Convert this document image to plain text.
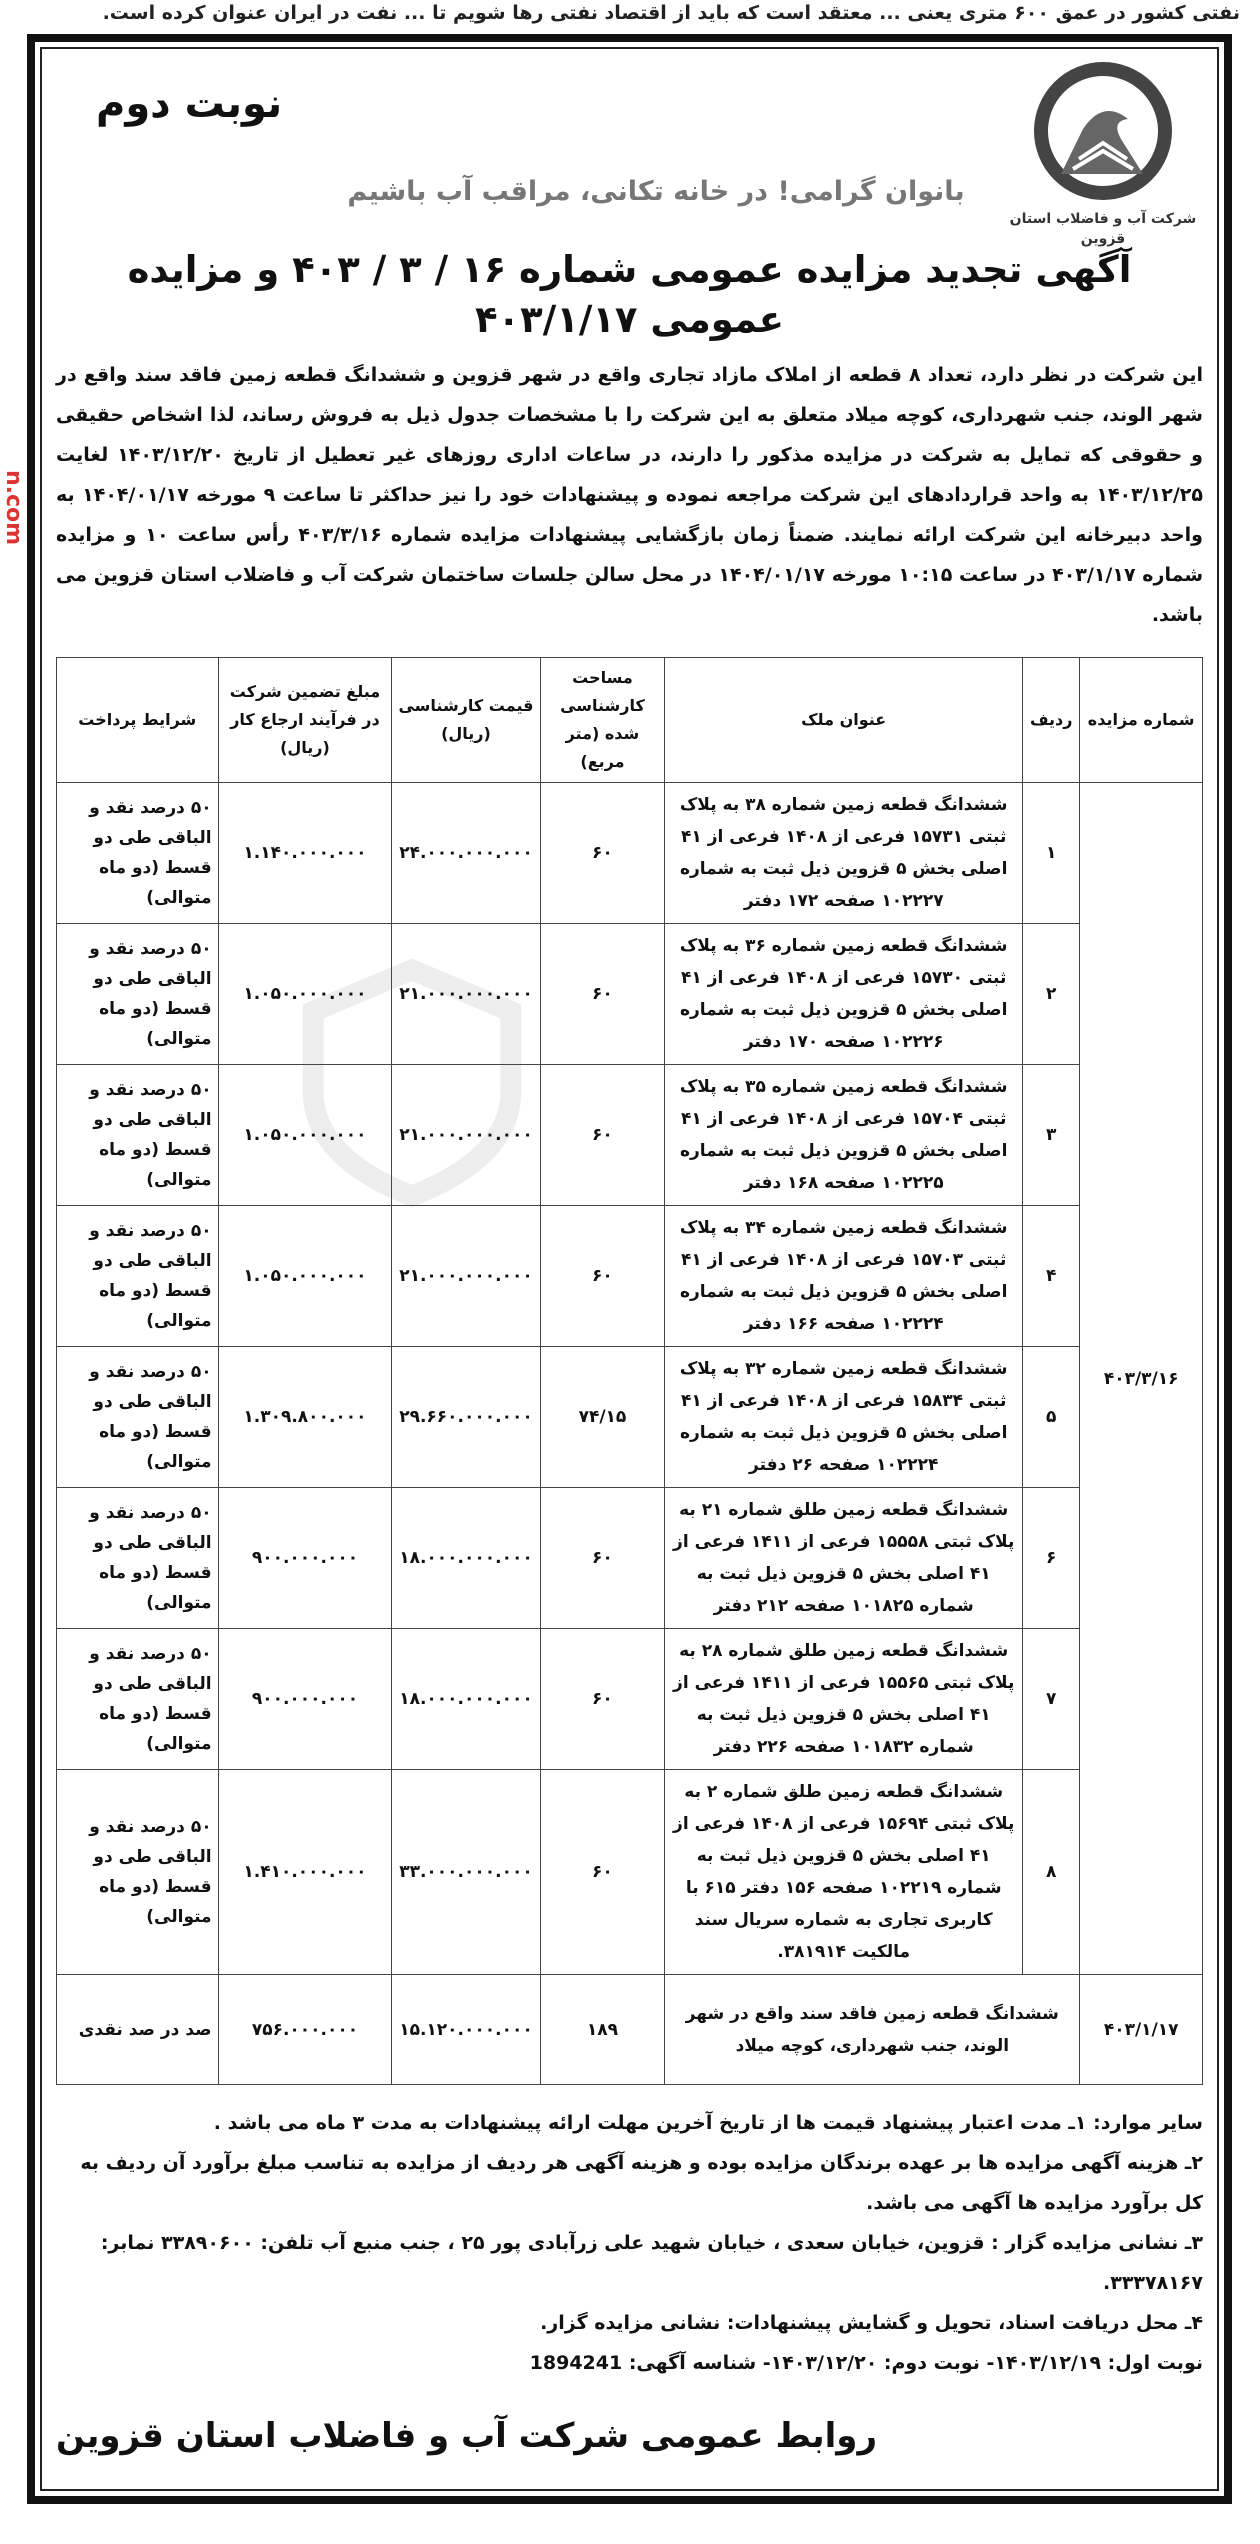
نفتی کشور در عمق ۶۰۰ متری یعنی ... معتقد است که باید از اقتصاد نفتی رها شویم تا ... نفت در ایران عنوان کرده است.
n.com
شرکت آب و فاضلاب استان قزوین
نوبت دوم
بانوان گرامی! در خانه تکانی، مراقب آب باشیم
آگهی تجدید مزایده عمومی شماره ۱۶ / ۳ / ۴۰۳ و مزایده عمومی ۴۰۳/۱/۱۷
این شرکت در نظر دارد، تعداد ۸ قطعه از املاک مازاد تجاری واقع در شهر قزوین و ششدانگ قطعه زمین فاقد سند واقع در شهر الوند، جنب شهرداری، کوچه میلاد متعلق به این شرکت را با مشخصات جدول ذیل به فروش رساند، لذا اشخاص حقیقی و حقوقی که تمایل به شرکت در مزایده مذکور را دارند، در ساعات اداری روزهای غیر تعطیل از تاریخ ۱۴۰۳/۱۲/۲۰ لغایت ۱۴۰۳/۱۲/۲۵ به واحد قراردادهای این شرکت مراجعه نموده و پیشنهادات خود را نیز حداکثر تا ساعت ۹ مورخه ۱۴۰۴/۰۱/۱۷ به واحد دبیرخانه این شرکت ارائه نمایند. ضمناً زمان بازگشایی پیشنهادات مزایده شماره ۴۰۳/۳/۱۶ رأس ساعت ۱۰ و مزایده شماره ۴۰۳/۱/۱۷ در ساعت ۱۰:۱۵ مورخه ۱۴۰۴/۰۱/۱۷ در محل سالن جلسات ساختمان شرکت آب و فاضلاب استان قزوین می باشد.
شماره مزایده	ردیف	عنوان ملک	مساحت کارشناسی شده (متر مربع)	قیمت کارشناسی (ریال)	مبلغ تضمین شرکت در فرآیند ارجاع کار (ریال)	شرایط پرداخت
۴۰۳/۳/۱۶	۱	ششدانگ قطعه زمین شماره ۳۸ به پلاک ثبتی ۱۵۷۳۱ فرعی از ۱۴۰۸ فرعی از ۴۱ اصلی بخش ۵ قزوین ذیل ثبت به شماره ۱۰۲۲۲۷ صفحه ۱۷۲ دفتر	۶۰	۲۴.۰۰۰.۰۰۰.۰۰۰	۱.۱۴۰.۰۰۰.۰۰۰	۵۰ درصد نقد و الباقی طی دو قسط (دو ماه متوالی)
	۲	ششدانگ قطعه زمین شماره ۳۶ به پلاک ثبتی ۱۵۷۳۰ فرعی از ۱۴۰۸ فرعی از ۴۱ اصلی بخش ۵ قزوین ذیل ثبت به شماره ۱۰۲۲۲۶ صفحه ۱۷۰ دفتر	۶۰	۲۱.۰۰۰.۰۰۰.۰۰۰	۱.۰۵۰.۰۰۰.۰۰۰	۵۰ درصد نقد و الباقی طی دو قسط (دو ماه متوالی)
	۳	ششدانگ قطعه زمین شماره ۳۵ به پلاک ثبتی ۱۵۷۰۴ فرعی از ۱۴۰۸ فرعی از ۴۱ اصلی بخش ۵ قزوین ذیل ثبت به شماره ۱۰۲۲۲۵ صفحه ۱۶۸ دفتر	۶۰	۲۱.۰۰۰.۰۰۰.۰۰۰	۱.۰۵۰.۰۰۰.۰۰۰	۵۰ درصد نقد و الباقی طی دو قسط (دو ماه متوالی)
	۴	ششدانگ قطعه زمین شماره ۳۴ به پلاک ثبتی ۱۵۷۰۳ فرعی از ۱۴۰۸ فرعی از ۴۱ اصلی بخش ۵ قزوین ذیل ثبت به شماره ۱۰۲۲۲۴ صفحه ۱۶۶ دفتر	۶۰	۲۱.۰۰۰.۰۰۰.۰۰۰	۱.۰۵۰.۰۰۰.۰۰۰	۵۰ درصد نقد و الباقی طی دو قسط (دو ماه متوالی)
	۵	ششدانگ قطعه زمین شماره ۳۲ به پلاک ثبتی ۱۵۸۳۴ فرعی از ۱۴۰۸ فرعی از ۴۱ اصلی بخش ۵ قزوین ذیل ثبت به شماره ۱۰۲۲۲۴ صفحه ۲۶ دفتر	۷۴/۱۵	۲۹.۶۶۰.۰۰۰.۰۰۰	۱.۳۰۹.۸۰۰.۰۰۰	۵۰ درصد نقد و الباقی طی دو قسط (دو ماه متوالی)
	۶	ششدانگ قطعه زمین طلق شماره ۲۱ به پلاک ثبتی ۱۵۵۵۸ فرعی از ۱۴۱۱ فرعی از ۴۱ اصلی بخش ۵ قزوین ذیل ثبت به شماره ۱۰۱۸۲۵ صفحه ۲۱۲ دفتر	۶۰	۱۸.۰۰۰.۰۰۰.۰۰۰	۹۰۰.۰۰۰.۰۰۰	۵۰ درصد نقد و الباقی طی دو قسط (دو ماه متوالی)
	۷	ششدانگ قطعه زمین طلق شماره ۲۸ به پلاک ثبتی ۱۵۵۶۵ فرعی از ۱۴۱۱ فرعی از ۴۱ اصلی بخش ۵ قزوین ذیل ثبت به شماره ۱۰۱۸۳۲ صفحه ۲۲۶ دفتر	۶۰	۱۸.۰۰۰.۰۰۰.۰۰۰	۹۰۰.۰۰۰.۰۰۰	۵۰ درصد نقد و الباقی طی دو قسط (دو ماه متوالی)
	۸	ششدانگ قطعه زمین طلق شماره ۲ به پلاک ثبتی ۱۵۶۹۴ فرعی از ۱۴۰۸ فرعی از ۴۱ اصلی بخش ۵ قزوین ذیل ثبت به شماره ۱۰۲۲۱۹ صفحه ۱۵۶ دفتر ۶۱۵ با کاربری تجاری به شماره سریال سند مالکیت ۳۸۱۹۱۴.	۶۰	۳۳.۰۰۰.۰۰۰.۰۰۰	۱.۴۱۰.۰۰۰.۰۰۰	۵۰ درصد نقد و الباقی طی دو قسط (دو ماه متوالی)
۴۰۳/۱/۱۷	ششدانگ قطعه زمین فاقد سند واقع در شهر الوند، جنب شهرداری، کوچه میلاد		۱۸۹	۱۵.۱۲۰.۰۰۰.۰۰۰	۷۵۶.۰۰۰.۰۰۰	صد در صد نقدی
سایر موارد: ۱ـ مدت اعتبار پیشنهاد قیمت ها از تاریخ آخرین مهلت ارائه پیشنهادات به مدت ۳ ماه می باشد .
۲ـ هزینه آگهی مزایده ها بر عهده برندگان مزایده بوده و هزینه آگهی هر ردیف از مزایده به تناسب مبلغ برآورد آن ردیف به کل برآورد مزایده ها آگهی می باشد.
۳ـ نشانی مزایده گزار : قزوین، خیابان سعدی ، خیابان شهید علی زرآبادی پور ۲۵ ، جنب منبع آب تلفن: ۳۳۸۹۰۶۰۰ نمابر: ۳۳۳۷۸۱۶۷.
۴ـ محل دریافت اسناد، تحویل و گشایش پیشنهادات: نشانی مزایده گزار.
نوبت اول: ۱۴۰۳/۱۲/۱۹- نوبت دوم: ۱۴۰۳/۱۲/۲۰- شناسه آگهی: 1894241
روابط عمومی شرکت آب و فاضلاب استان قزوین
